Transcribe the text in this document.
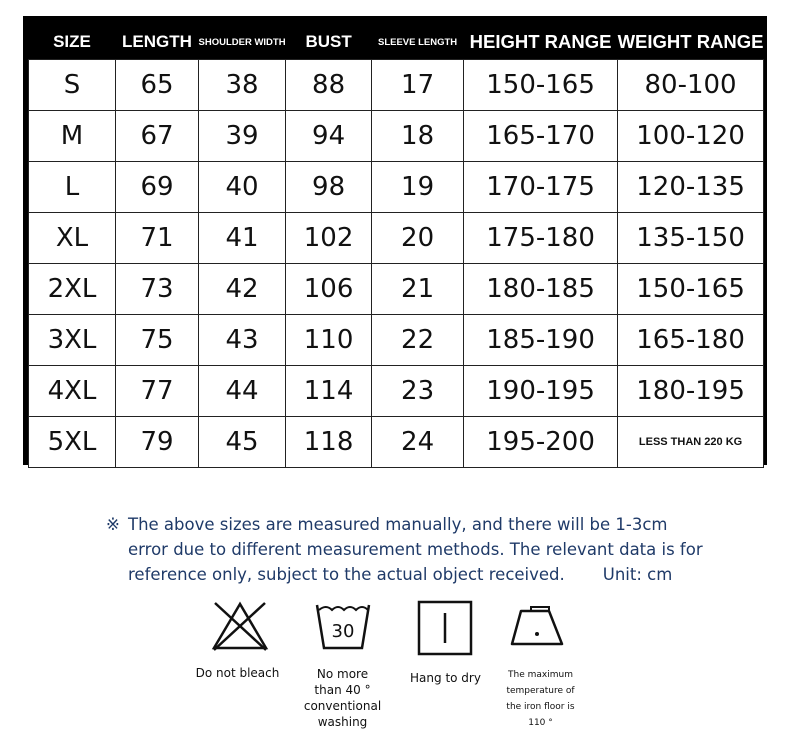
SIZE	LENGTH	SHOULDER WIDTH	BUST	SLEEVE LENGTH	HEIGHT RANGE	WEIGHT RANGE
S	65	38	88	17	150-165	80-100
M	67	39	94	18	165-170	100-120
L	69	40	98	19	170-175	120-135
XL	71	41	102	20	175-180	135-150
2XL	73	42	106	21	180-185	150-165
3XL	75	43	110	22	185-190	165-180
4XL	77	44	114	23	190-195	180-195
5XL	79	45	118	24	195-200	LESS THAN 220 KG
※ The above sizes are measured manually, and there will be 1-3cm
error due to different measurement methods. The relevant data is for
reference only, subject to the actual object received. Unit: cm
Do not bleach
30
No more
than 40 °
conventional
washing
Hang to dry	The maximum
temperature of
the iron floor is
110 °
